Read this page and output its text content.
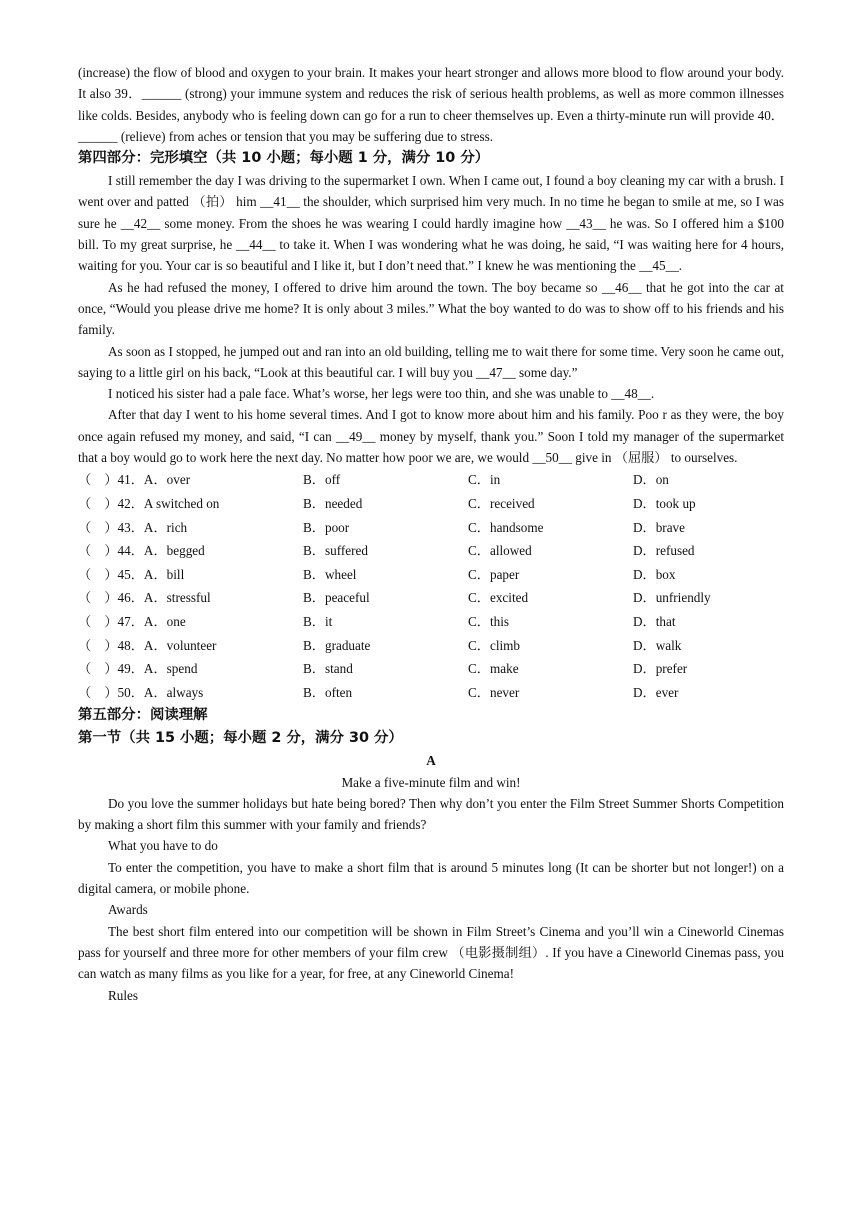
(increase) the flow of blood and oxygen to your brain. It makes your heart stronger and allows more blood to flow around your body. It also 39．______ (strong) your immune system and reduces the risk of serious health problems, as well as more common illnesses like colds. Besides, anybody who is feeling down can go for a run to cheer themselves up. Even a thirty-minute run will provide 40．______ (relieve) from aches or tension that you may be suffering due to stress.

第四部分：完形填空（共 10 小题；每小题 1 分，满分 10 分）

I still remember the day I was driving to the supermarket I own. When I came out, I found a boy cleaning my car with a brush. I went over and patted （拍） him __41__ the shoulder, which surprised him very much. In no time he began to smile at me, so I was sure he __42__ some money. From the shoes he was wearing I could hardly imagine how __43__ he was. So I offered him a $100 bill. To my great surprise, he __44__ to take it. When I was wondering what he was doing, he said, “I was waiting here for 4 hours, waiting for you. Your car is so beautiful and I like it, but I don’t need that.” I knew he was mentioning the __45__.

As he had refused the money, I offered to drive him around the town. The boy became so __46__ that he got into the car at once, “Would you please drive me home? It is only about 3 miles.” What the boy wanted to do was to show off to his friends and his family.

As soon as I stopped, he jumped out and ran into an old building, telling me to wait there for some time. Very soon he came out, saying to a little girl on his back, “Look at this beautiful car. I will buy you __47__ some day.”

I noticed his sister had a pale face. What’s worse, her legs were too thin, and she was unable to __48__.

After that day I went to his home several times. And I got to know more about him and his family. Poo r as they were, the boy once again refused my money, and said, “I can __49__ money by myself, thank you.” Soon I told my manager of the supermarket that a boy would go to work here the next day. No matter how poor we are, we would __50__ give in （屈服） to ourselves.

（　）41．A．over	B．off	C．in	D．on
（　）42．A switched on	B．needed	C．received	D．took up
（　）43．A．rich	B．poor	C．handsome	D．brave
（　）44．A．begged	B．suffered	C．allowed	D．refused
（　）45．A．bill	B．wheel	C．paper	D．box
（　）46．A．stressful	B．peaceful	C．excited	D．unfriendly
（　）47．A．one	B．it	C．this	D．that
（　）48．A．volunteer	B．graduate	C．climb	D．walk
（　）49．A．spend	B．stand	C．make	D．prefer
（　）50．A．always	B．often	C．never	D．ever

第五部分：阅读理解

第一节（共 15 小题；每小题 2 分，满分 30 分）

A

Make a five-minute film and win!

Do you love the summer holidays but hate being bored? Then why don’t you enter the Film Street Summer Shorts Competition by making a short film this summer with your family and friends?

What you have to do

To enter the competition, you have to make a short film that is around 5 minutes long (It can be shorter but not longer!) on a digital camera, or mobile phone.

Awards

The best short film entered into our competition will be shown in Film Street’s Cinema and you’ll win a Cineworld Cinemas pass for yourself and three more for other members of your film crew （电影摄制组）. If you have a Cineworld Cinemas pass, you can watch as many films as you like for a year, for free, at any Cineworld Cinema!

Rules
